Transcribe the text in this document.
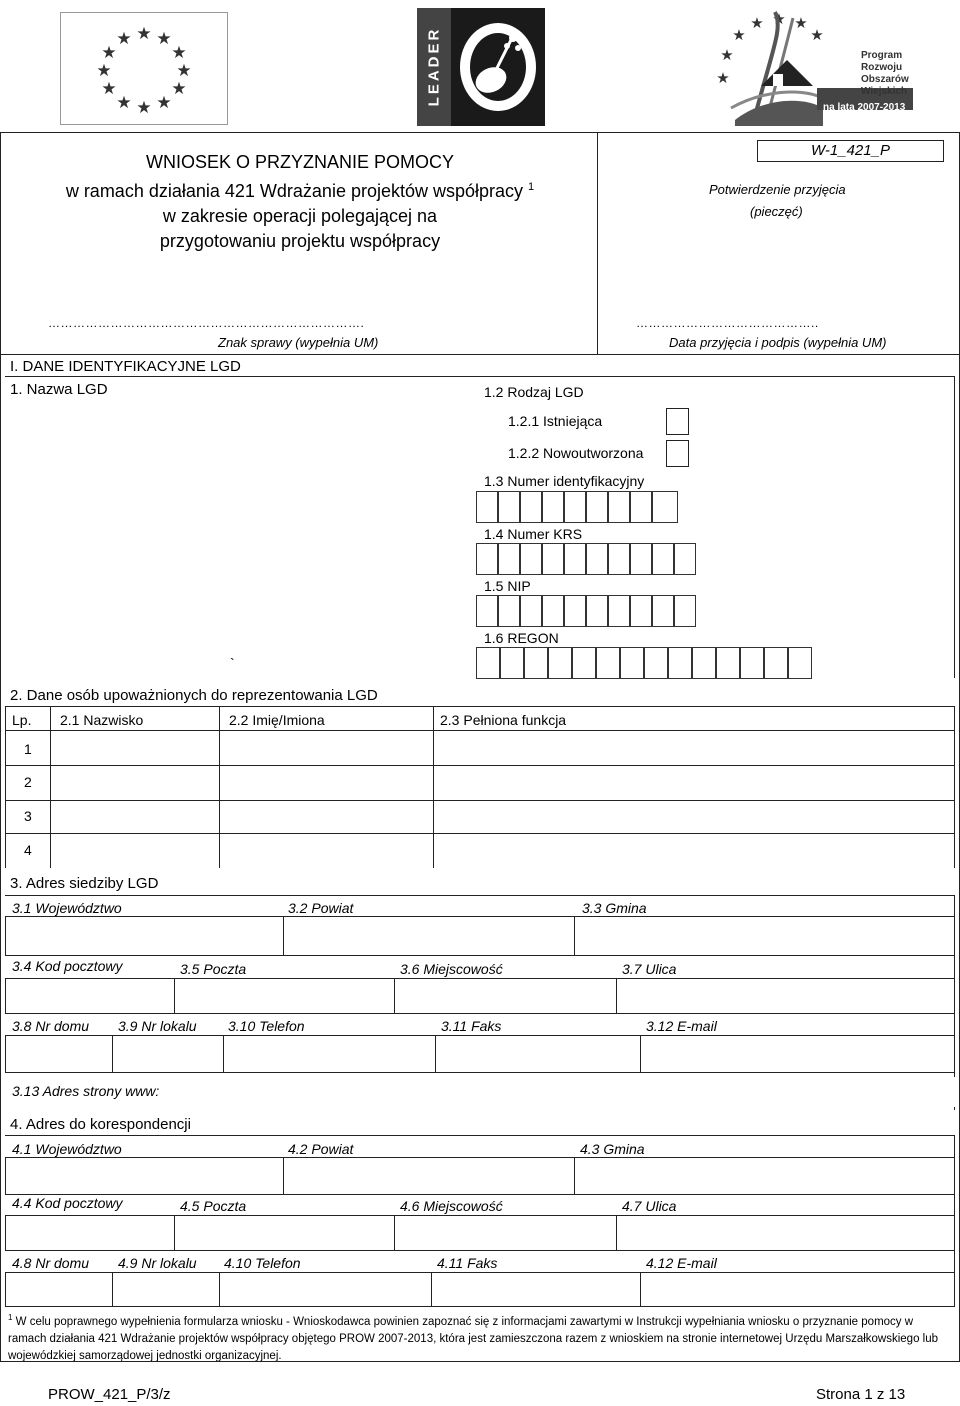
★ ★
★
★
★
★
★
★
★
★
★
★	LEADER	★
★
★
★ ★ ★
★
Program
Rozwoju
Obszarów
Wiejskich
na lata 2007-2013
WNIOSEK O PRZYZNANIE POMOCY
w ramach działania 421 Wdrażanie projektów współpracy $^1$
w zakresie operacji polegającej na
przygotowaniu projektu współpracy
W-1_421_P
Potwierdzenie przyjęcia
(pieczęć)
………………………………………………………………….	……………………………………..
Znak sprawy (wypełnia UM)	Data przyjęcia i podpis (wypełnia UM)
I. DANE IDENTYFIKACYJNE LGD
1. Nazwa LGD
`
1.2 Rodzaj LGD
1.2.1 Istniejąca
1.2.2 Nowoutworzona
1.3 Numer identyfikacyjny
1.4 Numer KRS
1.5 NIP
1.6 REGON
2. Dane osób upoważnionych do reprezentowania LGD
Lp. 2.1 Nazwisko	2.2 Imię/Imiona	2.3 Pełniona funkcja
1
2
3
4
3. Adres siedziby LGD
3.1 Województwo	3.2 Powiat	3.3 Gmina
3.4 Kod pocztowy	3.5 Poczta	3.6 Miejscowość	3.7 Ulica
3.8 Nr domu 3.9 Nr lokalu 3.10 Telefon	3.11 Faks	3.12 E-mail
3.13 Adres strony www:
4. Adres do korespondencji
4.1 Województwo	4.2 Powiat	4.3 Gmina
4.4 Kod pocztowy	4.5 Poczta	4.6 Miejscowość	4.7 Ulica
4.8 Nr domu 4.9 Nr lokalu 4.10 Telefon	4.11 Faks	4.12 E-mail
$^1$ W celu poprawnego wypełnienia formularza wniosku - Wnioskodawca powinien zapoznać się z informacjami zawartymi w Instrukcji wypełniania wniosku o przyznanie pomocy w ramach działania 421 Wdrażanie projektów współpracy objętego PROW 2007-2013, która jest zamieszczona razem z wnioskiem na stronie internetowej Urzędu Marszałkowskiego lub wojewódzkiej samorządowej jednostki organizacyjnej.
PROW_421_P/3/z	Strona 1 z 13
